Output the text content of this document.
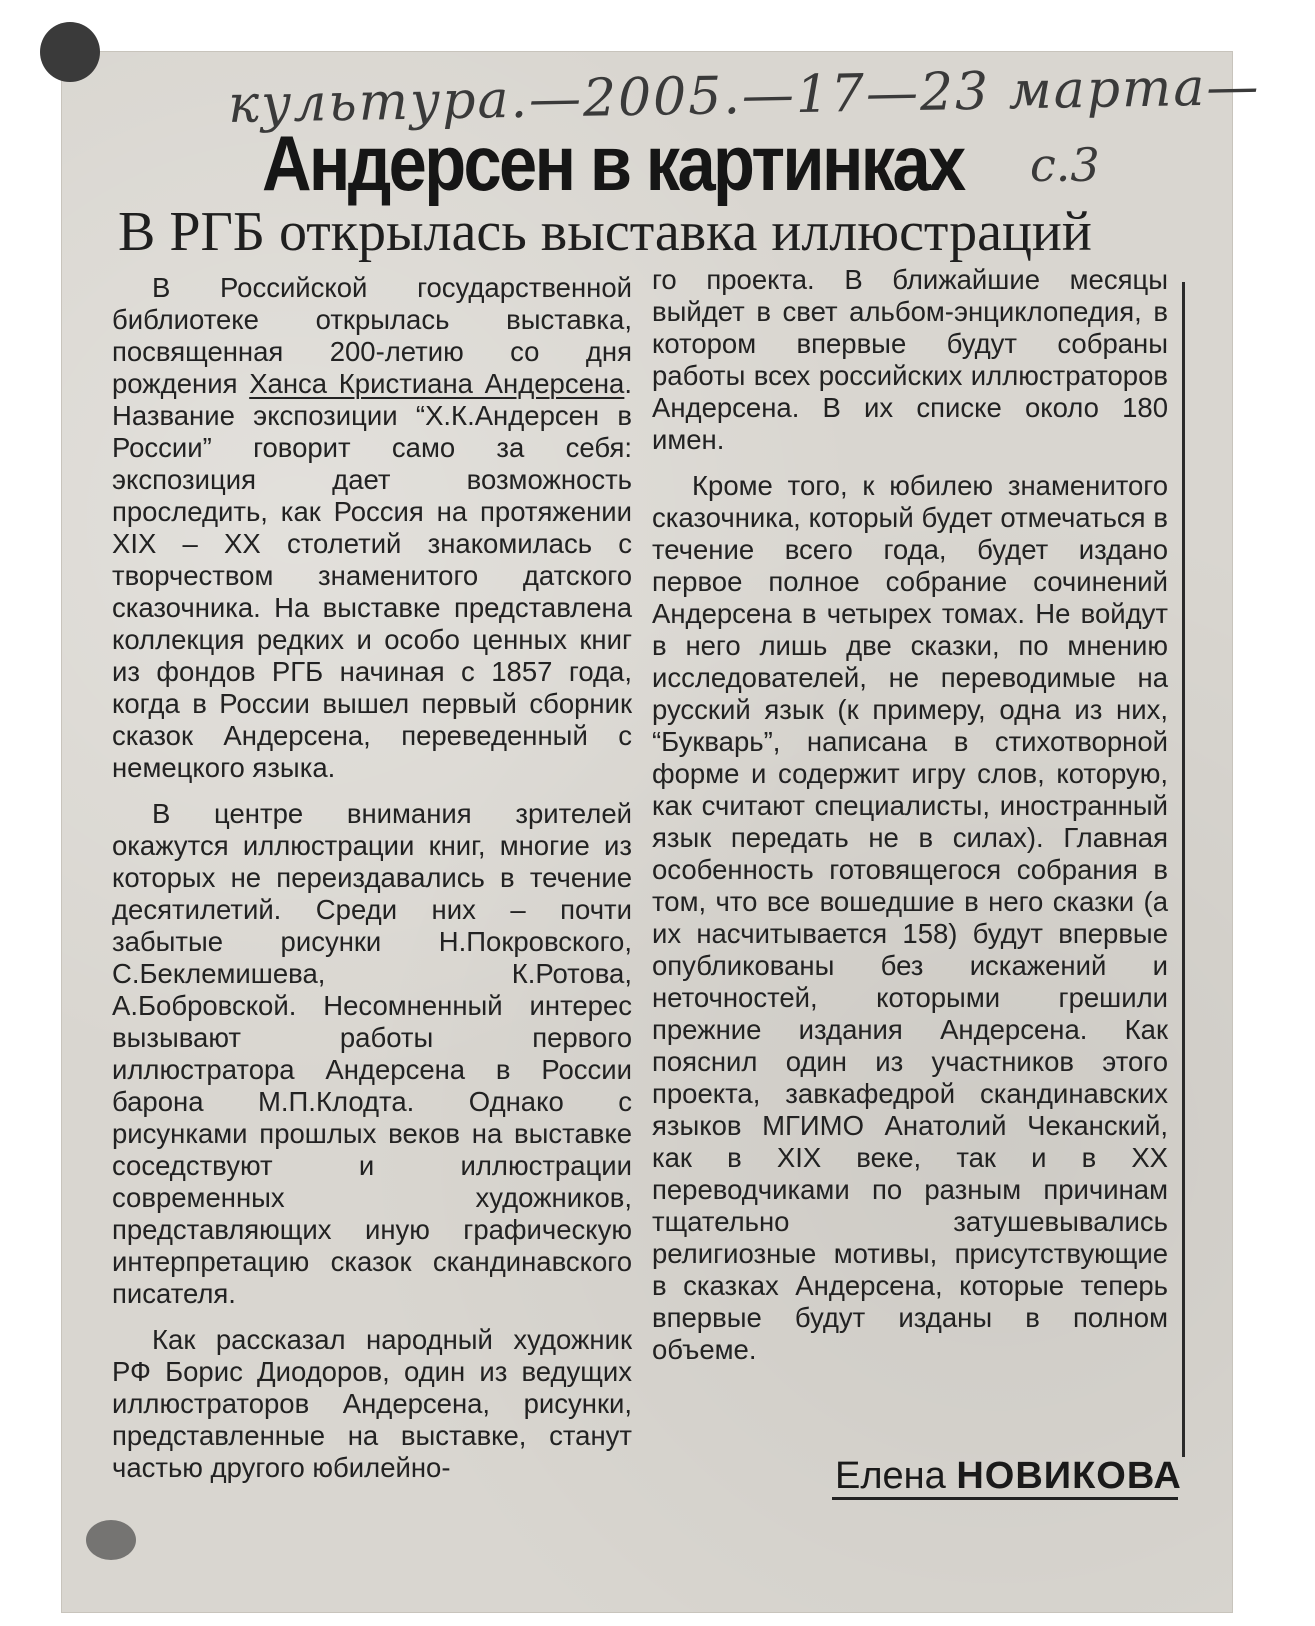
культура.—2005.—17—23 марта—
с.3
Андерсен в картинках
В РГБ открылась выставка иллюстраций

В Российской государственной библиотеке открылась выставка, посвященная 200-летию со дня рождения Ханса Кристиана Андерсена. Название экспозиции “Х.К.Андерсен в России” говорит само за себя: экспозиция дает возможность проследить, как Россия на протяжении XIX – XX столетий знакомилась с творчеством знаменитого датского сказочника. На выставке представлена коллекция редких и особо ценных книг из фондов РГБ начиная с 1857 года, когда в России вышел первый сборник сказок Андерсена, переведенный с немецкого языка.

В центре внимания зрителей окажутся иллюстрации книг, многие из которых не переиздавались в течение десятилетий. Среди них – почти забытые рисунки Н.Покровского, С.Беклемишева, К.Ротова, А.Бобровской. Несомненный интерес вызывают работы первого иллюстратора Андерсена в России барона М.П.Клодта. Однако с рисунками прошлых веков на выставке соседствуют и иллюстрации современных художников, представляющих иную графическую интерпретацию сказок скандинавского писателя.

Как рассказал народный художник РФ Борис Диодоров, один из ведущих иллюстраторов Андерсена, рисунки, представленные на выставке, станут частью другого юбилейно-

го проекта. В ближайшие месяцы выйдет в свет альбом-энциклопедия, в котором впервые будут собраны работы всех российских иллюстраторов Андерсена. В их списке около 180 имен.

Кроме того, к юбилею знаменитого сказочника, который будет отмечаться в течение всего года, будет издано первое полное собрание сочинений Андерсена в четырех томах. Не войдут в него лишь две сказки, по мнению исследователей, не переводимые на русский язык (к примеру, одна из них, “Букварь”, написана в стихотворной форме и содержит игру слов, которую, как считают специалисты, иностранный язык передать не в силах). Главная особенность готовящегося собрания в том, что все вошедшие в него сказки (а их насчитывается 158) будут впервые опубликованы без искажений и неточностей, которыми грешили прежние издания Андерсена. Как пояснил один из участников этого проекта, завкафедрой скандинавских языков МГИМО Анатолий Чеканский, как в XIX веке, так и в XX переводчиками по разным причинам тщательно затушевывались религиозные мотивы, присутствующие в сказках Андерсена, которые теперь впервые будут изданы в полном объеме.

Елена НОВИКОВА
